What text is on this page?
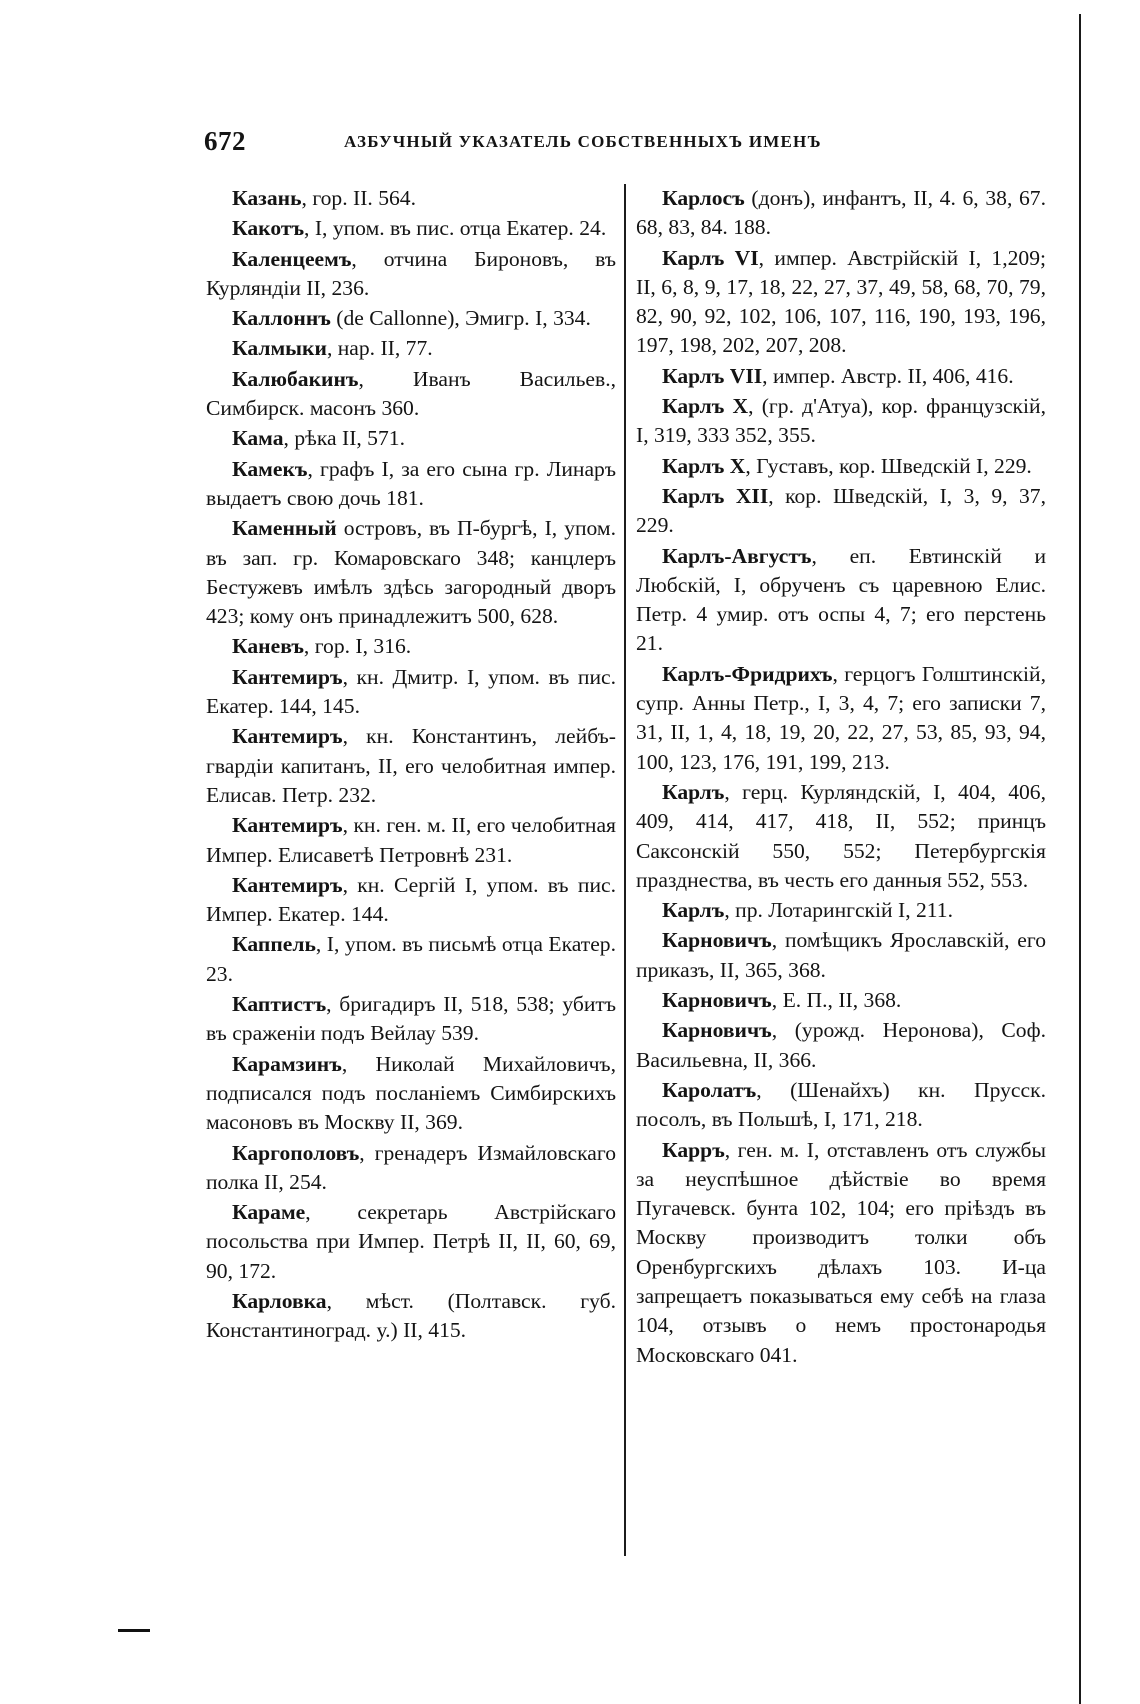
672	АЗБУЧНЫЙ УКАЗАТЕЛЬ СОБСТВЕННЫХЪ ИМЕНЪ

Казань, гор. II. 564.

Какотъ, I, упом. въ пис. отца Екатер. 24.

Каленцеемъ, отчина Бироновъ, въ Курляндіи II, 236.

Каллоннъ (de Callonne), Эмигр. I, 334.

Калмыки, нар. II, 77.

Калюбакинъ, Иванъ Васильев., Симбирск. масонъ 360.

Кама, рѣка II, 571.

Камекъ, графъ I, за его сына гр. Линаръ выдаетъ свою дочь 181.

Каменный островъ, въ П-бургѣ, I, упом. въ зап. гр. Комаровскаго 348; канцлеръ Бестужевъ имѣлъ здѣсь загородный дворъ 423; кому онъ принадлежитъ 500, 628.

Каневъ, гор. I, 316.

Кантемиръ, кн. Дмитр. I, упом. въ пис. Екатер. 144, 145.

Кантемиръ, кн. Константинъ, лейбъ-гвардіи капитанъ, II, его челобитная импер. Елисав. Петр. 232.

Кантемиръ, кн. ген. м. II, его челобитная Импер. Елисаветѣ Петровнѣ 231.

Кантемиръ, кн. Сергій I, упом. въ пис. Импер. Екатер. 144.

Каппель, I, упом. въ письмѣ отца Екатер. 23.

Каптистъ, бригадиръ II, 518, 538; убитъ въ сраженіи подъ Вейлау 539.

Карамзинъ, Николай Михайловичъ, подписался подъ посланіемъ Симбирскихъ масоновъ въ Москву II, 369.

Каргополовъ, гренадеръ Измайловскаго полка II, 254.

Караме, секретарь Австрійскаго посольства при Импер. Петрѣ II, II, 60, 69, 90, 172.

Карловка, мѣст. (Полтавск. губ. Константиноград. у.) II, 415.

Карлосъ (донъ), инфантъ, II, 4. 6, 38, 67. 68, 83, 84. 188.

Карлъ VI, импер. Австрійскій I, 1,209; II, 6, 8, 9, 17, 18, 22, 27, 37, 49, 58, 68, 70, 79, 82, 90, 92, 102, 106, 107, 116, 190, 193, 196, 197, 198, 202, 207, 208.

Карлъ VII, импер. Австр. II, 406, 416.

Карлъ X, (гр. д'Атуа), кор. французскій, I, 319, 333 352, 355.

Карлъ X, Густавъ, кор. Шведскій I, 229.

Карлъ XII, кор. Шведскій, I, 3, 9, 37, 229.

Карлъ-Августъ, еп. Евтинскій и Любскій, I, обрученъ съ царевною Елис. Петр. 4 умир. отъ оспы 4, 7; его перстень 21.

Карлъ-Фридрихъ, герцогъ Голштинскій, супр. Анны Петр., I, 3, 4, 7; его записки 7, 31, II, 1, 4, 18, 19, 20, 22, 27, 53, 85, 93, 94, 100, 123, 176, 191, 199, 213.

Карлъ, герц. Курляндскій, I, 404, 406, 409, 414, 417, 418, II, 552; принцъ Саксонскій 550, 552; Петербургскія празднества, въ честь его данныя 552, 553.

Карлъ, пр. Лотарингскій I, 211.

Карновичъ, помѣщикъ Ярославскій, его приказъ, II, 365, 368.

Карновичъ, Е. П., II, 368.

Карновичъ, (урожд. Неронова), Соф. Васильевна, II, 366.

Каролатъ, (Шенайхъ) кн. Прусск. посолъ, въ Польшѣ, I, 171, 218.

Карръ, ген. м. I, отставленъ отъ службы за неуспѣшное дѣйствіе во время Пугачевск. бунта 102, 104; его пріѣздъ въ Москву производитъ толки объ Оренбургскихъ дѣлахъ 103. И-ца запрещаетъ показываться ему себѣ на глаза 104, отзывъ о немъ простонародья Московскаго 041.
